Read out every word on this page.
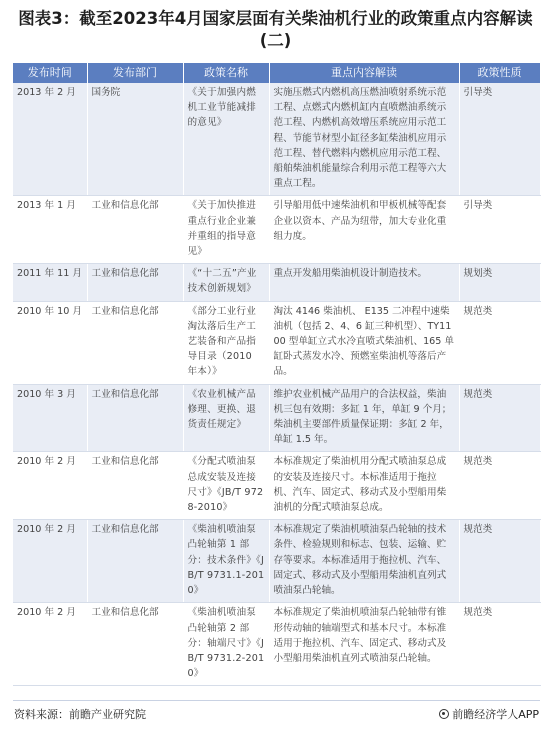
图表3：截至2023年4月国家层面有关柴油机行业的政策重点内容解读(二)
发布时间	发布部门	政策名称	重点内容解读	政策性质
2013 年 2 月	国务院	《关于加强内燃机工业节能减排的意见》	实施压燃式内燃机高压燃油喷射系统示范工程、点燃式内燃机缸内直喷燃油系统示范工程、内燃机高效增压系统应用示范工程、节能节材型小缸径多缸柴油机应用示范工程、替代燃料内燃机应用示范工程、船舶柴油机能量综合利用示范工程等六大重点工程。	引导类
2013 年 1 月	工业和信息化部	《关于加快推进重点行业企业兼并重组的指导意见》	引导船用低中速柴油机和甲板机械等配套企业以资本、产品为纽带，加大专业化重组力度。	引导类
2011 年 11 月	工业和信息化部	《“十二五”产业技术创新规划》	重点开发船用柴油机设计制造技术。	规划类
2010 年 10 月	工业和信息化部	《部分工业行业淘汰落后生产工艺装备和产品指导目录（2010 年本）》	淘汰 4146 柴油机、 E135 二冲程中速柴油机（包括 2、4、6 缸三种机型）、TY1100 型单缸立式水冷直喷式柴油机、165 单缸卧式蒸发水冷、预燃室柴油机等落后产品。	规范类
2010 年 3 月	工业和信息化部	《农业机械产品修理、更换、退货责任规定》	维护农业机械产品用户的合法权益，柴油机三包有效期：多缸 1 年，单缸 9 个月；柴油机主要部件质量保证期：多缸 2 年，单缸 1.5 年。	规范类
2010 年 2 月	工业和信息化部	《分配式喷油泵总成安装及连接尺寸》《JB/T 9728-2010》	本标准规定了柴油机用分配式喷油泵总成的安装及连接尺寸。本标准适用于拖拉机、汽车、固定式、移动式及小型船用柴油机的分配式喷油泵总成。	规范类
2010 年 2 月	工业和信息化部	《柴油机喷油泵凸轮轴第 1 部分：技术条件》《JB/T 9731.1-2010》	本标准规定了柴油机喷油泵凸轮轴的技术条件、检验规则和标志、包装、运输、贮存等要求。本标准适用于拖拉机、汽车、固定式、移动式及小型船用柴油机直列式喷油泵凸轮轴。	规范类
2010 年 2 月	工业和信息化部	《柴油机喷油泵凸轮轴第 2 部分：轴端尺寸》《JB/T 9731.2-2010》	本标准规定了柴油机喷油泵凸轮轴带有锥形传动轴的轴端型式和基本尺寸。本标准适用于拖拉机、汽车、固定式、移动式及小型船用柴油机直列式喷油泵凸轮轴。	规范类
资料来源：前瞻产业研究院	前瞻经济学人APP
